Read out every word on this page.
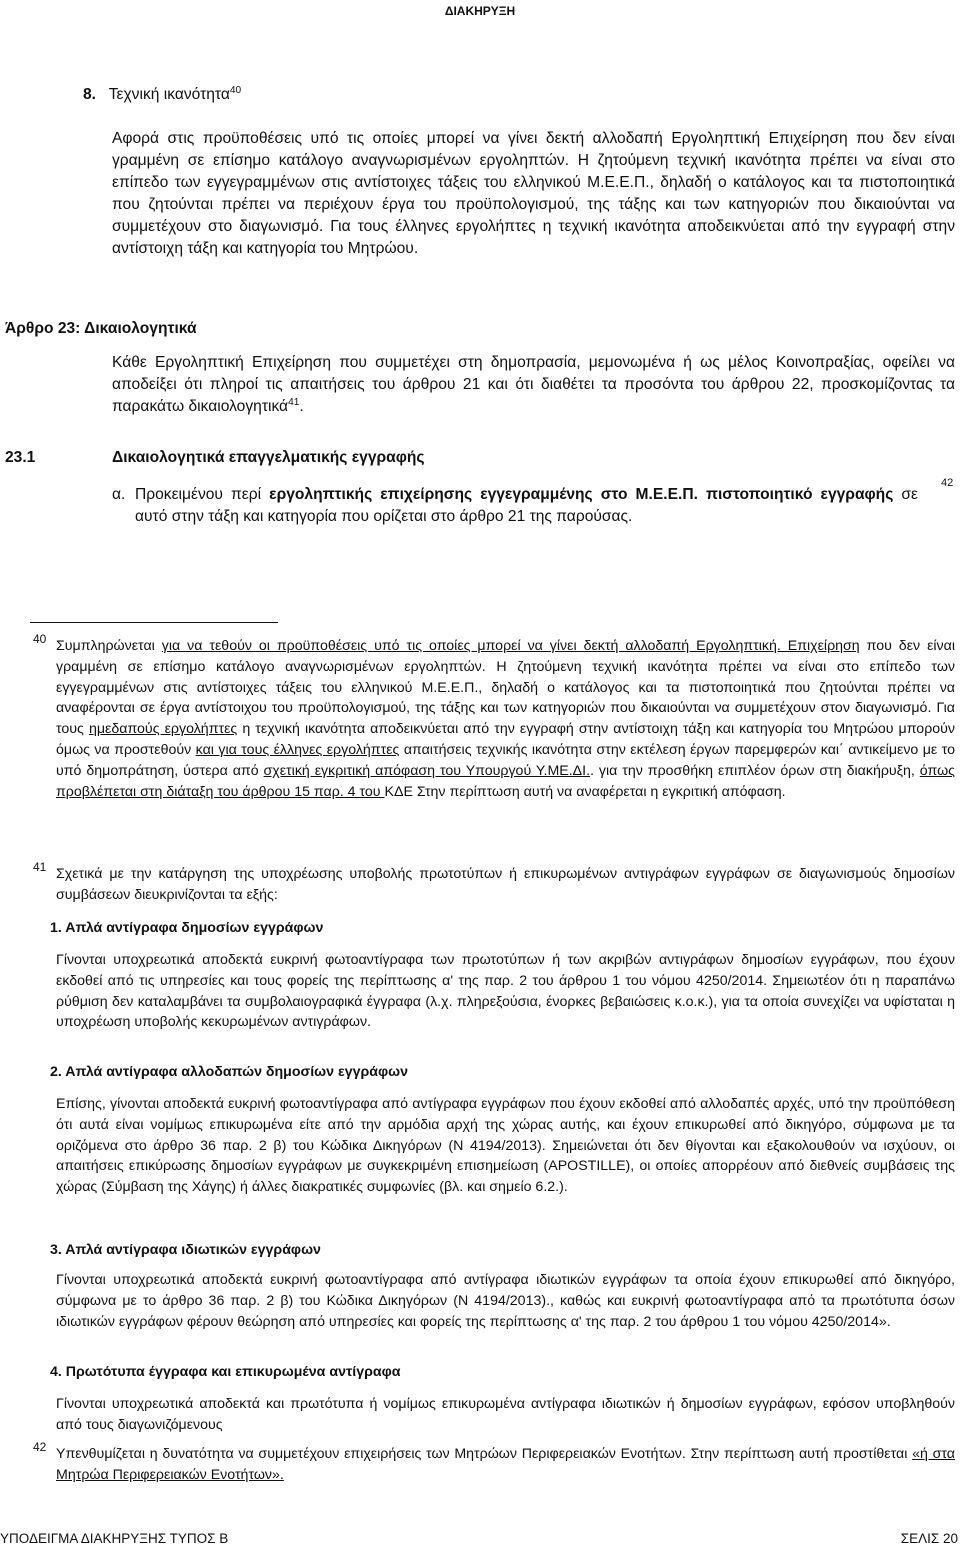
ΔΙΑΚΗΡΥΞΗ
8. Τεχνική ικανότητα$^{40}$
Αφορά στις προϋποθέσεις υπό τις οποίες μπορεί να γίνει δεκτή αλλοδαπή Εργοληπτική Επιχείρηση που δεν είναι γραμμένη σε επίσημο κατάλογο αναγνωρισμένων εργοληπτών. Η ζητούμενη τεχνική ικανότητα πρέπει να είναι στο επίπεδο των εγγεγραμμένων στις αντίστοιχες τάξεις του ελληνικού Μ.Ε.Ε.Π., δηλαδή ο κατάλογος και τα πιστοποιητικά που ζητούνται πρέπει να περιέχουν έργα του προϋπολογισμού, της τάξης και των κατηγοριών που δικαιούνται να συμμετέχουν στο διαγωνισμό. Για τους έλληνες εργολήπτες η τεχνική ικανότητα αποδεικνύεται από την εγγραφή στην αντίστοιχη τάξη και κατηγορία του Μητρώου.
Άρθρο 23: Δικαιολογητικά
Κάθε Εργοληπτική Επιχείρηση που συμμετέχει στη δημοπρασία, μεμονωμένα ή ως μέλος Κοινοπραξίας, οφείλει να αποδείξει ότι πληροί τις απαιτήσεις του άρθρου 21 και ότι διαθέτει τα προσόντα του άρθρου 22, προσκομίζοντας τα παρακάτω δικαιολογητικά$^{41}$.
23.1	Δικαιολογητικά επαγγελματικής εγγραφής
α. Προκειμένου περί εργοληπτικής επιχείρησης εγγεγραμμένης στο Μ.Ε.Ε.Π. πιστοποιητικό εγγραφής σε αυτό στην τάξη και κατηγορία που ορίζεται στο άρθρο 21 της παρούσας.
42
40 Συμπληρώνεται για να τεθούν οι προϋποθέσεις υπό τις οποίες μπορεί να γίνει δεκτή αλλοδαπή Εργοληπτική. Επιχείρηση που δεν είναι γραμμένη σε επίσημο κατάλογο αναγνωρισμένων εργοληπτών. Η ζητούμενη τεχνική ικανότητα πρέπει να είναι στο επίπεδο των εγγεγραμμένων στις αντίστοιχες τάξεις του ελληνικού Μ.Ε.Ε.Π., δηλαδή ο κατάλογος και τα πιστοποιητικά που ζητούνται πρέπει να αναφέρονται σε έργα αντίστοιχου του προϋπολογισμού, της τάξης και των κατηγοριών που δικαιούνται να συμμετέχουν στον διαγωνισμό. Για τους ημεδαπούς εργολήπτες η τεχνική ικανότητα αποδεικνύεται από την εγγραφή στην αντίστοιχη τάξη και κατηγορία του Μητρώου μπορούν όμως να προστεθούν και για τους έλληνες εργολήπτες απαιτήσεις τεχνικής ικανότητα στην εκτέλεση έργων παρεμφερών και΄ αντικείμενο με το υπό δημοπράτηση, ύστερα από σχετική εγκριτική απόφαση του Υπουργού Υ.ΜΕ.ΔΙ.. για την προσθήκη επιπλέον όρων στη διακήρυξη, όπως προβλέπεται στη διάταξη του άρθρου 15 παρ. 4 του ΚΔΕ Στην περίπτωση αυτή να αναφέρεται η εγκριτική απόφαση.
41 Σχετικά με την κατάργηση της υποχρέωσης υποβολής πρωτοτύπων ή επικυρωμένων αντιγράφων εγγράφων σε διαγωνισμούς δημοσίων συμβάσεων διευκρινίζονται τα εξής:
1. Απλά αντίγραφα δημοσίων εγγράφων
Γίνονται υποχρεωτικά αποδεκτά ευκρινή φωτοαντίγραφα των πρωτοτύπων ή των ακριβών αντιγράφων δημοσίων εγγράφων, που έχουν εκδοθεί από τις υπηρεσίες και τους φορείς της περίπτωσης α' της παρ. 2 του άρθρου 1 του νόμου 4250/2014. Σημειωτέον ότι η παραπάνω ρύθμιση δεν καταλαμβάνει τα συμβολαιογραφικά έγγραφα (λ.χ. πληρεξούσια, ένορκες βεβαιώσεις κ.ο.κ.), για τα οποία συνεχίζει να υφίσταται η υποχρέωση υποβολής κεκυρωμένων αντιγράφων.
2. Απλά αντίγραφα αλλοδαπών δημοσίων εγγράφων
Επίσης, γίνονται αποδεκτά ευκρινή φωτοαντίγραφα από αντίγραφα εγγράφων που έχουν εκδοθεί από αλλοδαπές αρχές, υπό την προϋπόθεση ότι αυτά είναι νομίμως επικυρωμένα είτε από την αρμόδια αρχή της χώρας αυτής, και έχουν επικυρωθεί από δικηγόρο, σύμφωνα με τα οριζόμενα στο άρθρο 36 παρ. 2 β) του Κώδικα Δικηγόρων (Ν 4194/2013). Σημειώνεται ότι δεν θίγονται και εξακολουθούν να ισχύουν, οι απαιτήσεις επικύρωσης δημοσίων εγγράφων με συγκεκριμένη επισημείωση (APOSTILLE), οι οποίες απορρέουν από διεθνείς συμβάσεις της χώρας (Σύμβαση της Χάγης) ή άλλες διακρατικές συμφωνίες (βλ. και σημείο 6.2.).
3. Απλά αντίγραφα ιδιωτικών εγγράφων
Γίνονται υποχρεωτικά αποδεκτά ευκρινή φωτοαντίγραφα από αντίγραφα ιδιωτικών εγγράφων τα οποία έχουν επικυρωθεί από δικηγόρο, σύμφωνα με το άρθρο 36 παρ. 2 β) του Κώδικα Δικηγόρων (Ν 4194/2013)., καθώς και ευκρινή φωτοαντίγραφα από τα πρωτότυπα όσων ιδιωτικών εγγράφων φέρουν θεώρηση από υπηρεσίες και φορείς της περίπτωσης α' της παρ. 2 του άρθρου 1 του νόμου 4250/2014».
4. Πρωτότυπα έγγραφα και επικυρωμένα αντίγραφα
Γίνονται υποχρεωτικά αποδεκτά και πρωτότυπα ή νομίμως επικυρωμένα αντίγραφα ιδιωτικών ή δημοσίων εγγράφων, εφόσον υποβληθούν από τους διαγωνιζόμενους
42 Υπενθυμίζεται η δυνατότητα να συμμετέχουν επιχειρήσεις των Μητρώων Περιφερειακών Ενοτήτων. Στην περίπτωση αυτή προστίθεται «ή στα Μητρώα Περιφερειακών Ενοτήτων».
ΥΠΟΔΕΙΓΜΑ ΔΙΑΚΗΡΥΞΗΣ ΤΥΠΟΣ Β	ΣΕΛΙΣ 20
